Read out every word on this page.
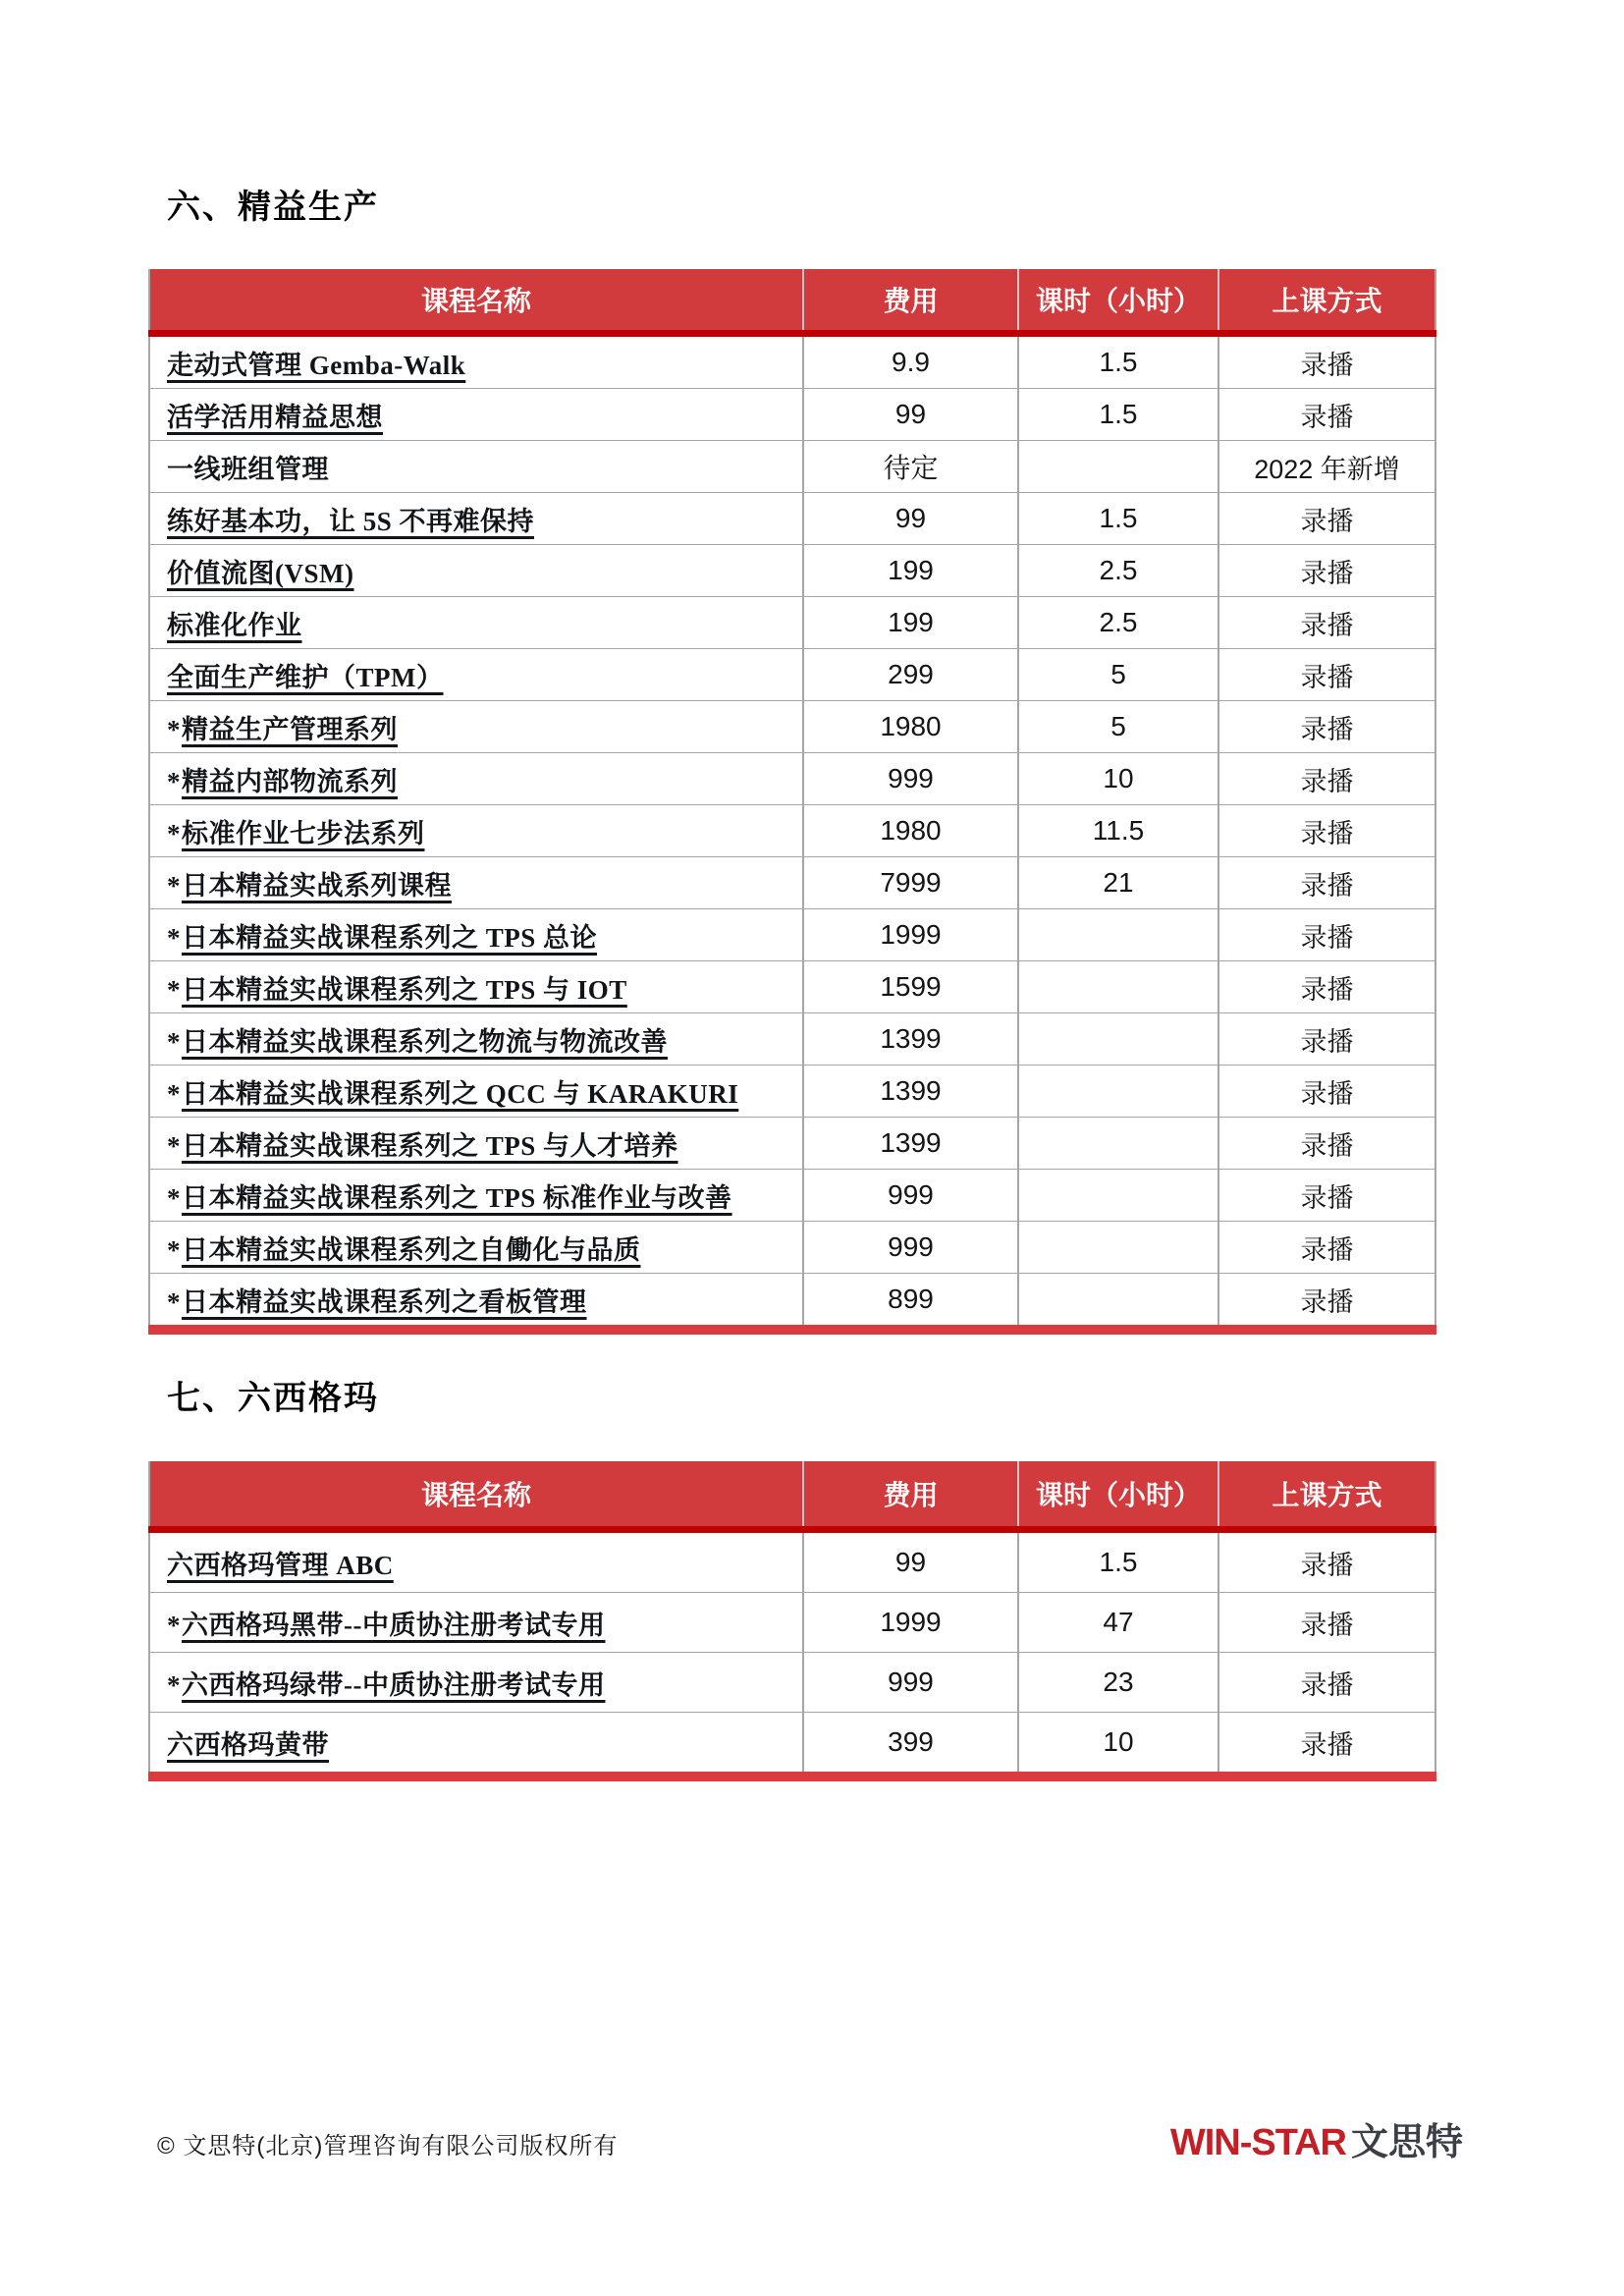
六、精益生产
课程名称	费用	课时（小时）	上课方式
走动式管理 Gemba-Walk	9.9	1.5	录播
活学活用精益思想	99	1.5	录播
一线班组管理	待定		2022 年新增
练好基本功，让 5S 不再难保持	99	1.5	录播
价值流图(VSM)	199	2.5	录播
标准化作业	199	2.5	录播
全面生产维护（TPM）	299	5	录播
*精益生产管理系列	1980	5	录播
*精益内部物流系列	999	10	录播
*标准作业七步法系列	1980	11.5	录播
*日本精益实战系列课程	7999	21	录播
*日本精益实战课程系列之 TPS 总论	1999		录播
*日本精益实战课程系列之 TPS 与 IOT	1599		录播
*日本精益实战课程系列之物流与物流改善	1399		录播
*日本精益实战课程系列之 QCC 与 KARAKURI	1399		录播
*日本精益实战课程系列之 TPS 与人才培养	1399		录播
*日本精益实战课程系列之 TPS 标准作业与改善	999		录播
*日本精益实战课程系列之自働化与品质	999		录播
*日本精益实战课程系列之看板管理	899		录播
七、六西格玛
课程名称	费用	课时（小时）	上课方式
六西格玛管理 ABC	99	1.5	录播
*六西格玛黑带--中质协注册考试专用	1999	47	录播
*六西格玛绿带--中质协注册考试专用	999	23	录播
六西格玛黄带	399	10	录播
© 文思特(北京)管理咨询有限公司版权所有	WIN-STAR 文思特
